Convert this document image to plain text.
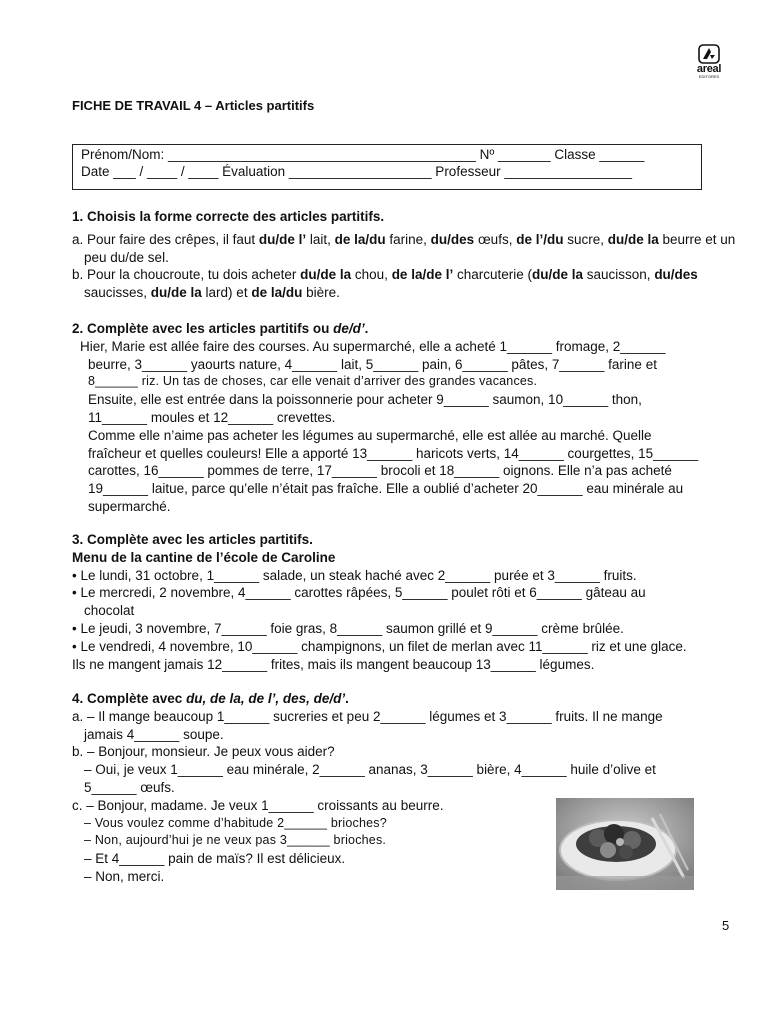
areal
EDITORES
FICHE DE TRAVAIL 4 – Articles partitifs
Prénom/Nom: _________________________________________ Nº _______ Classe ______
Date ___ / ____ / ____ Évaluation ___________________ Professeur _________________

1. Choisis la forme correcte des articles partitifs.

a. Pour faire des crêpes, il faut du/de l’ lait, de la/du farine, du/des œufs, de l’/du sucre, du/de la beurre et un peu du/de sel.

b. Pour la choucroute, tu dois acheter du/de la chou, de la/de l’ charcuterie (du/de la saucisson, du/des saucisses, du/de la lard) et de la/du bière.

2. Complète avec les articles partitifs ou de/d’.

Hier, Marie est allée faire des courses. Au supermarché, elle a acheté 1______ fromage, 2______

beurre, 3______ yaourts nature, 4______ lait, 5______ pain, 6______ pâtes, 7______ farine et

8______ riz. Un tas de choses, car elle venait d’arriver des grandes vacances.

Ensuite, elle est entrée dans la poissonnerie pour acheter 9______ saumon, 10______ thon,

11______ moules et 12______ crevettes.

Comme elle n’aime pas acheter les légumes au supermarché, elle est allée au marché. Quelle

fraîcheur et quelles couleurs! Elle a apporté 13______ haricots verts, 14______ courgettes, 15______

carottes, 16______ pommes de terre, 17______ brocoli et 18______ oignons. Elle n’a pas acheté

19______ laitue, parce qu’elle n’était pas fraîche. Elle a oublié d’acheter 20______ eau minérale au

supermarché.

3. Complète avec les articles partitifs.

Menu de la cantine de l’école de Caroline

• Le lundi, 31 octobre, 1______ salade, un steak haché avec 2______ purée et 3______ fruits.

• Le mercredi, 2 novembre, 4______ carottes râpées, 5______ poulet rôti et 6______ gâteau au

chocolat

• Le jeudi, 3 novembre, 7______ foie gras, 8______ saumon grillé et 9______ crème brûlée.

• Le vendredi, 4 novembre, 10______ champignons, un filet de merlan avec 11______ riz et une glace.

Ils ne mangent jamais 12______ frites, mais ils mangent beaucoup 13______ légumes.

4. Complète avec du, de la, de l’, des, de/d’.

a. – Il mange beaucoup 1______ sucreries et peu 2______ légumes et 3______ fruits. Il ne mange

jamais 4______ soupe.

b. – Bonjour, monsieur. Je peux vous aider?

– Oui, je veux 1______ eau minérale, 2______ ananas, 3______ bière, 4______ huile d’olive et

5______ œufs.

c. – Bonjour, madame. Je veux 1______ croissants au beurre.

– Vous voulez comme d’habitude 2______ brioches?

– Non, aujourd’hui je ne veux pas 3______ brioches.

– Et 4______ pain de maïs? Il est délicieux.

– Non, merci.

5
